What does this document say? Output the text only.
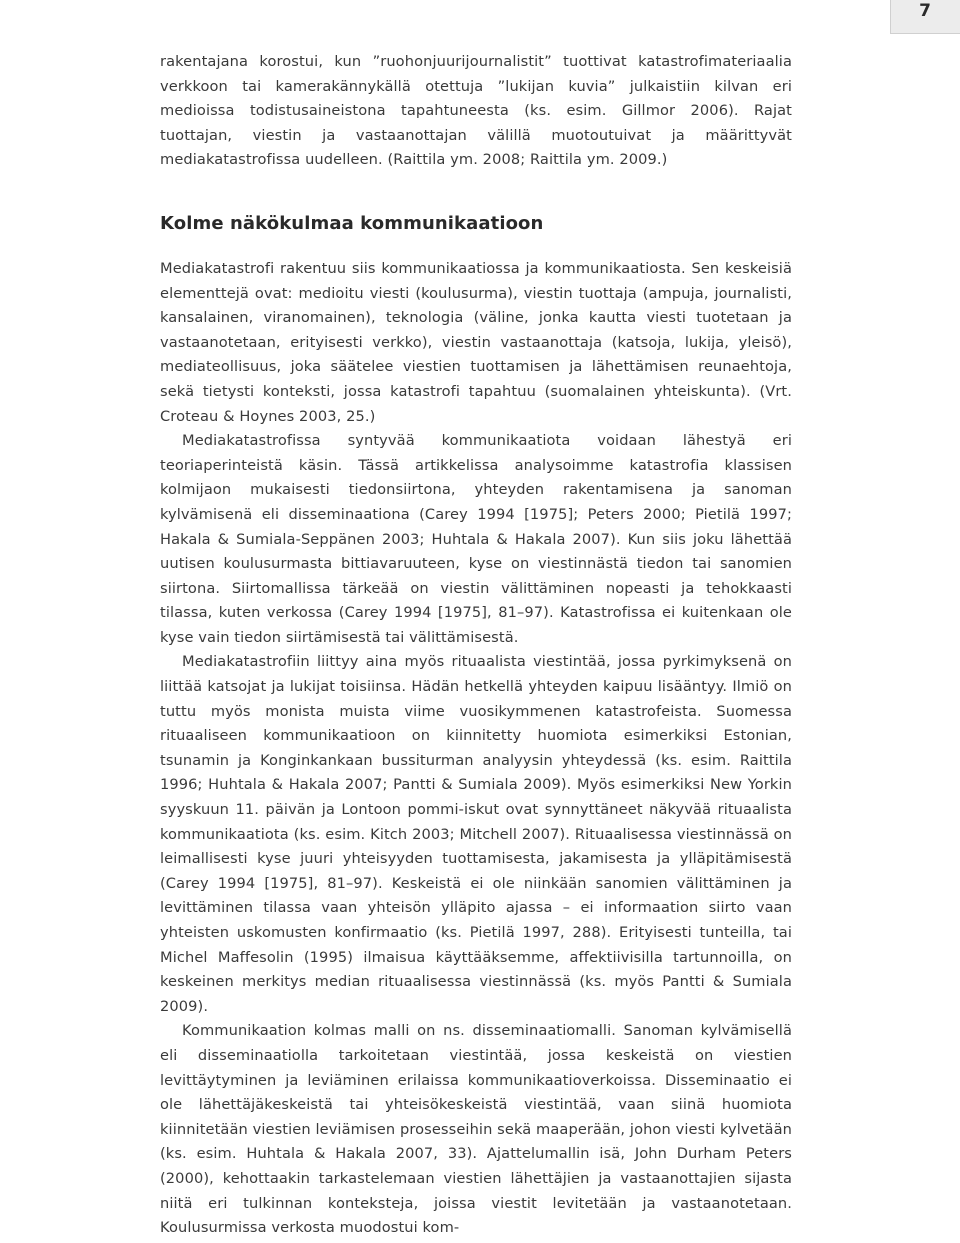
7

rakentajana korostui, kun ”ruohonjuurijournalistit” tuottivat katastrofimateriaalia verkkoon tai kamerakännykällä otettuja ”lukijan kuvia” julkaistiin kilvan eri medioissa todistusaineistona tapahtuneesta (ks. esim. Gillmor 2006). Rajat tuottajan, viestin ja vastaanottajan välillä muotoutuivat ja määrittyvät mediakatastrofissa uudelleen. (Raittila ym. 2008; Raittila ym. 2009.)

Kolme näkökulmaa kommunikaatioon

Mediakatastrofi rakentuu siis kommunikaatiossa ja kommunikaatiosta. Sen keskeisiä elementtejä ovat: medioitu viesti (koulusurma), viestin tuottaja (ampuja, journalisti, kansalainen, viranomainen), teknologia (väline, jonka kautta viesti tuotetaan ja vastaanotetaan, erityisesti verkko), viestin vastaanottaja (katsoja, lukija, yleisö), mediateollisuus, joka säätelee viestien tuottamisen ja lähettämisen reunaehtoja, sekä tietysti konteksti, jossa katastrofi tapahtuu (suomalainen yhteiskunta). (Vrt. Croteau & Hoynes 2003, 25.)

Mediakatastrofissa syntyvää kommunikaatiota voidaan lähestyä eri teoriaperinteistä käsin. Tässä artikkelissa analysoimme katastrofia klassisen kolmijaon mukaisesti tiedonsiirtona, yhteyden rakentamisena ja sanoman kylvämisenä eli disseminaationa (Carey 1994 [1975]; Peters 2000; Pietilä 1997; Hakala & Sumiala-Seppänen 2003; Huhtala & Hakala 2007). Kun siis joku lähettää uutisen koulusurmasta bittiavaruuteen, kyse on viestinnästä tiedon tai sanomien siirtona. Siirtomallissa tärkeää on viestin välittäminen nopeasti ja tehokkaasti tilassa, kuten verkossa (Carey 1994 [1975], 81–97). Katastrofissa ei kuitenkaan ole kyse vain tiedon siirtämisestä tai välittämisestä.

Mediakatastrofiin liittyy aina myös rituaalista viestintää, jossa pyrkimyksenä on liittää katsojat ja lukijat toisiinsa. Hädän hetkellä yhteyden kaipuu lisääntyy. Ilmiö on tuttu myös monista muista viime vuosikymmenen katastrofeista. Suomessa rituaaliseen kommunikaatioon on kiinnitetty huomiota esimerkiksi Estonian, tsunamin ja Konginkankaan bussiturman analyysin yhteydessä (ks. esim. Raittila 1996; Huhtala & Hakala 2007; Pantti & Sumiala 2009). Myös esimerkiksi New Yorkin syyskuun 11. päivän ja Lontoon pommi-iskut ovat synnyttäneet näkyvää rituaalista kommunikaatiota (ks. esim. Kitch 2003; Mitchell 2007). Rituaalisessa viestinnässä on leimallisesti kyse juuri yhteisyyden tuottamisesta, jakamisesta ja ylläpitämisestä (Carey 1994 [1975], 81–97). Keskeistä ei ole niinkään sanomien välittäminen ja levittäminen tilassa vaan yhteisön ylläpito ajassa – ei informaation siirto vaan yhteisten uskomusten konfirmaatio (ks. Pietilä 1997, 288). Erityisesti tunteilla, tai Michel Maffesolin (1995) ilmaisua käyttääksemme, affektiivisilla tartunnoilla, on keskeinen merkitys median rituaalisessa viestinnässä (ks. myös Pantti & Sumiala 2009).

Kommunikaation kolmas malli on ns. disseminaatiomalli. Sanoman kylvämisellä eli disseminaatiolla tarkoitetaan viestintää, jossa keskeistä on viestien levittäytyminen ja leviäminen erilaissa kommunikaatioverkoissa. Disseminaatio ei ole lähettäjäkeskeistä tai yhteisökeskeistä viestintää, vaan siinä huomiota kiinnitetään viestien leviämisen prosesseihin sekä maaperään, johon viesti kylvetään (ks. esim. Huhtala & Hakala 2007, 33). Ajattelumallin isä, John Durham Peters (2000), kehottaakin tarkastelemaan viestien lähettäjien ja vastaanottajien sijasta niitä eri tulkinnan konteksteja, joissa viestit levitetään ja vastaanotetaan. Koulusurmissa verkosta muodostui kom-
